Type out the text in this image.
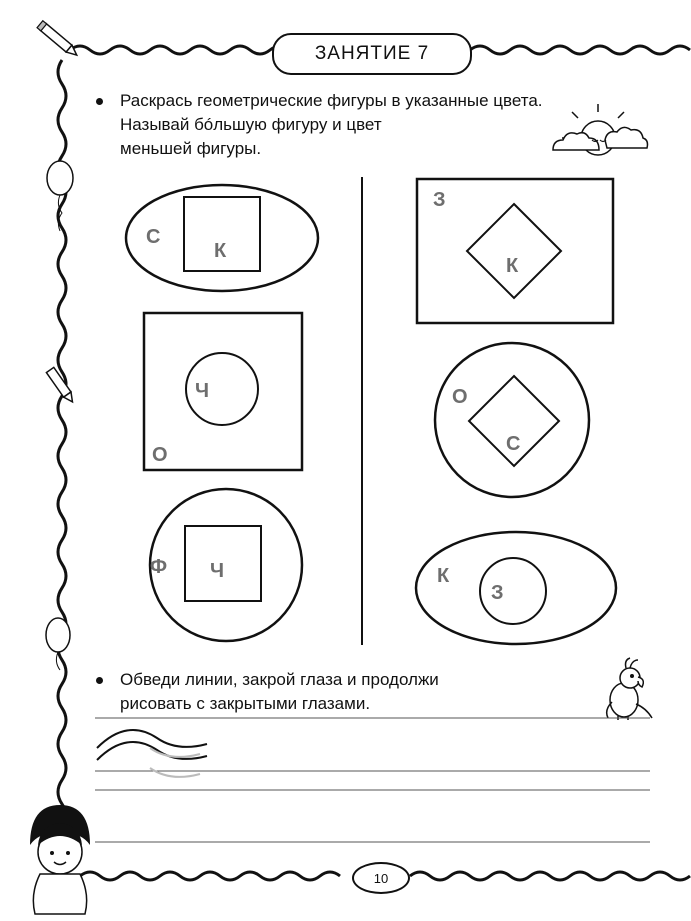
ЗАНЯТИЕ 7
Раскрась геометрические фигуры в указанные цвета.
Называй бóльшую фигуру и цвет
меньшей фигуры.
С
К
Ч
О
Ф Ч
З
К
О
С
К
З
Обведи линии, закрой глаза и продолжи
рисовать с закрытыми глазами.
10
